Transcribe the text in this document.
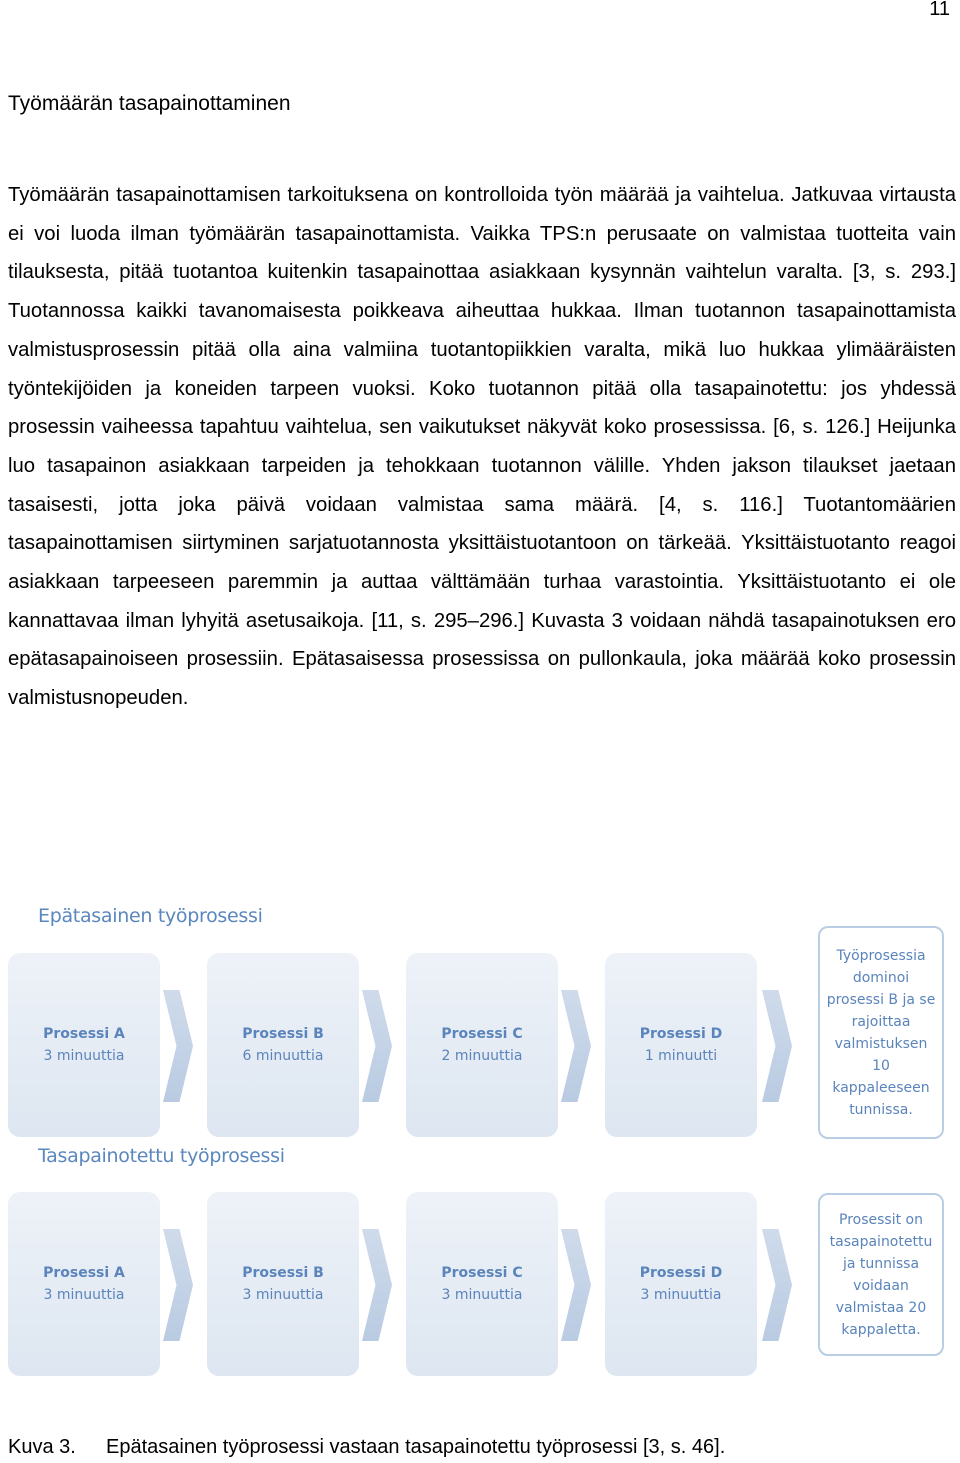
11
Työmäärän tasapainottaminen

Työmäärän tasapainottamisen tarkoituksena on kontrolloida työn määrää ja vaihtelua. Jatkuvaa virtausta ei voi luoda ilman työmäärän tasapainottamista. Vaikka TPS:n perusaate on valmistaa tuotteita vain tilauksesta, pitää tuotantoa kuitenkin tasapainottaa asiakkaan kysynnän vaihtelun varalta. [3, s. 293.] Tuotannossa kaikki tavanomaisesta poikkeava aiheuttaa hukkaa. Ilman tuotannon tasapainottamista valmistusprosessin pitää olla aina valmiina tuotantopiikkien varalta, mikä luo hukkaa ylimääräisten työntekijöiden ja koneiden tarpeen vuoksi. Koko tuotannon pitää olla tasapainotettu: jos yhdessä prosessin vaiheessa tapahtuu vaihtelua, sen vaikutukset näkyvät koko prosessissa. [6, s. 126.] Heijunka luo tasapainon asiakkaan tarpeiden ja tehokkaan tuotannon välille. Yhden jakson tilaukset jaetaan tasaisesti, jotta joka päivä voidaan valmistaa sama määrä. [4, s. 116.] Tuotantomäärien tasapainottamisen siirtyminen sarjatuotannosta yksittäistuotantoon on tärkeää. Yksittäistuotanto reagoi asiakkaan tarpeeseen paremmin ja auttaa välttämään turhaa varastointia. Yksittäistuotanto ei ole kannattavaa ilman lyhyitä asetusaikoja. [11, s. 295–296.] Kuvasta 3 voidaan nähdä tasapainotuksen ero epätasapainoiseen prosessiin. Epätasaisessa prosessissa on pullonkaula, joka määrää koko prosessin valmistusnopeuden.

Epätasainen työprosessi
Prosessi A
3 minuuttia
Prosessi B
6 minuuttia
Prosessi C
2 minuuttia
Prosessi D
1 minuutti
Työprosessia dominoi prosessi B ja se rajoittaa valmistuksen 10 kappaleeseen tunnissa.
Tasapainotettu työprosessi
Prosessi A
3 minuuttia
Prosessi B
3 minuuttia
Prosessi C
3 minuuttia
Prosessi D
3 minuuttia
Prosessit on tasapainotettu ja tunnissa voidaan valmistaa 20 kappaletta.
Kuva 3. Epätasainen työprosessi vastaan tasapainotettu työprosessi [3, s. 46].
